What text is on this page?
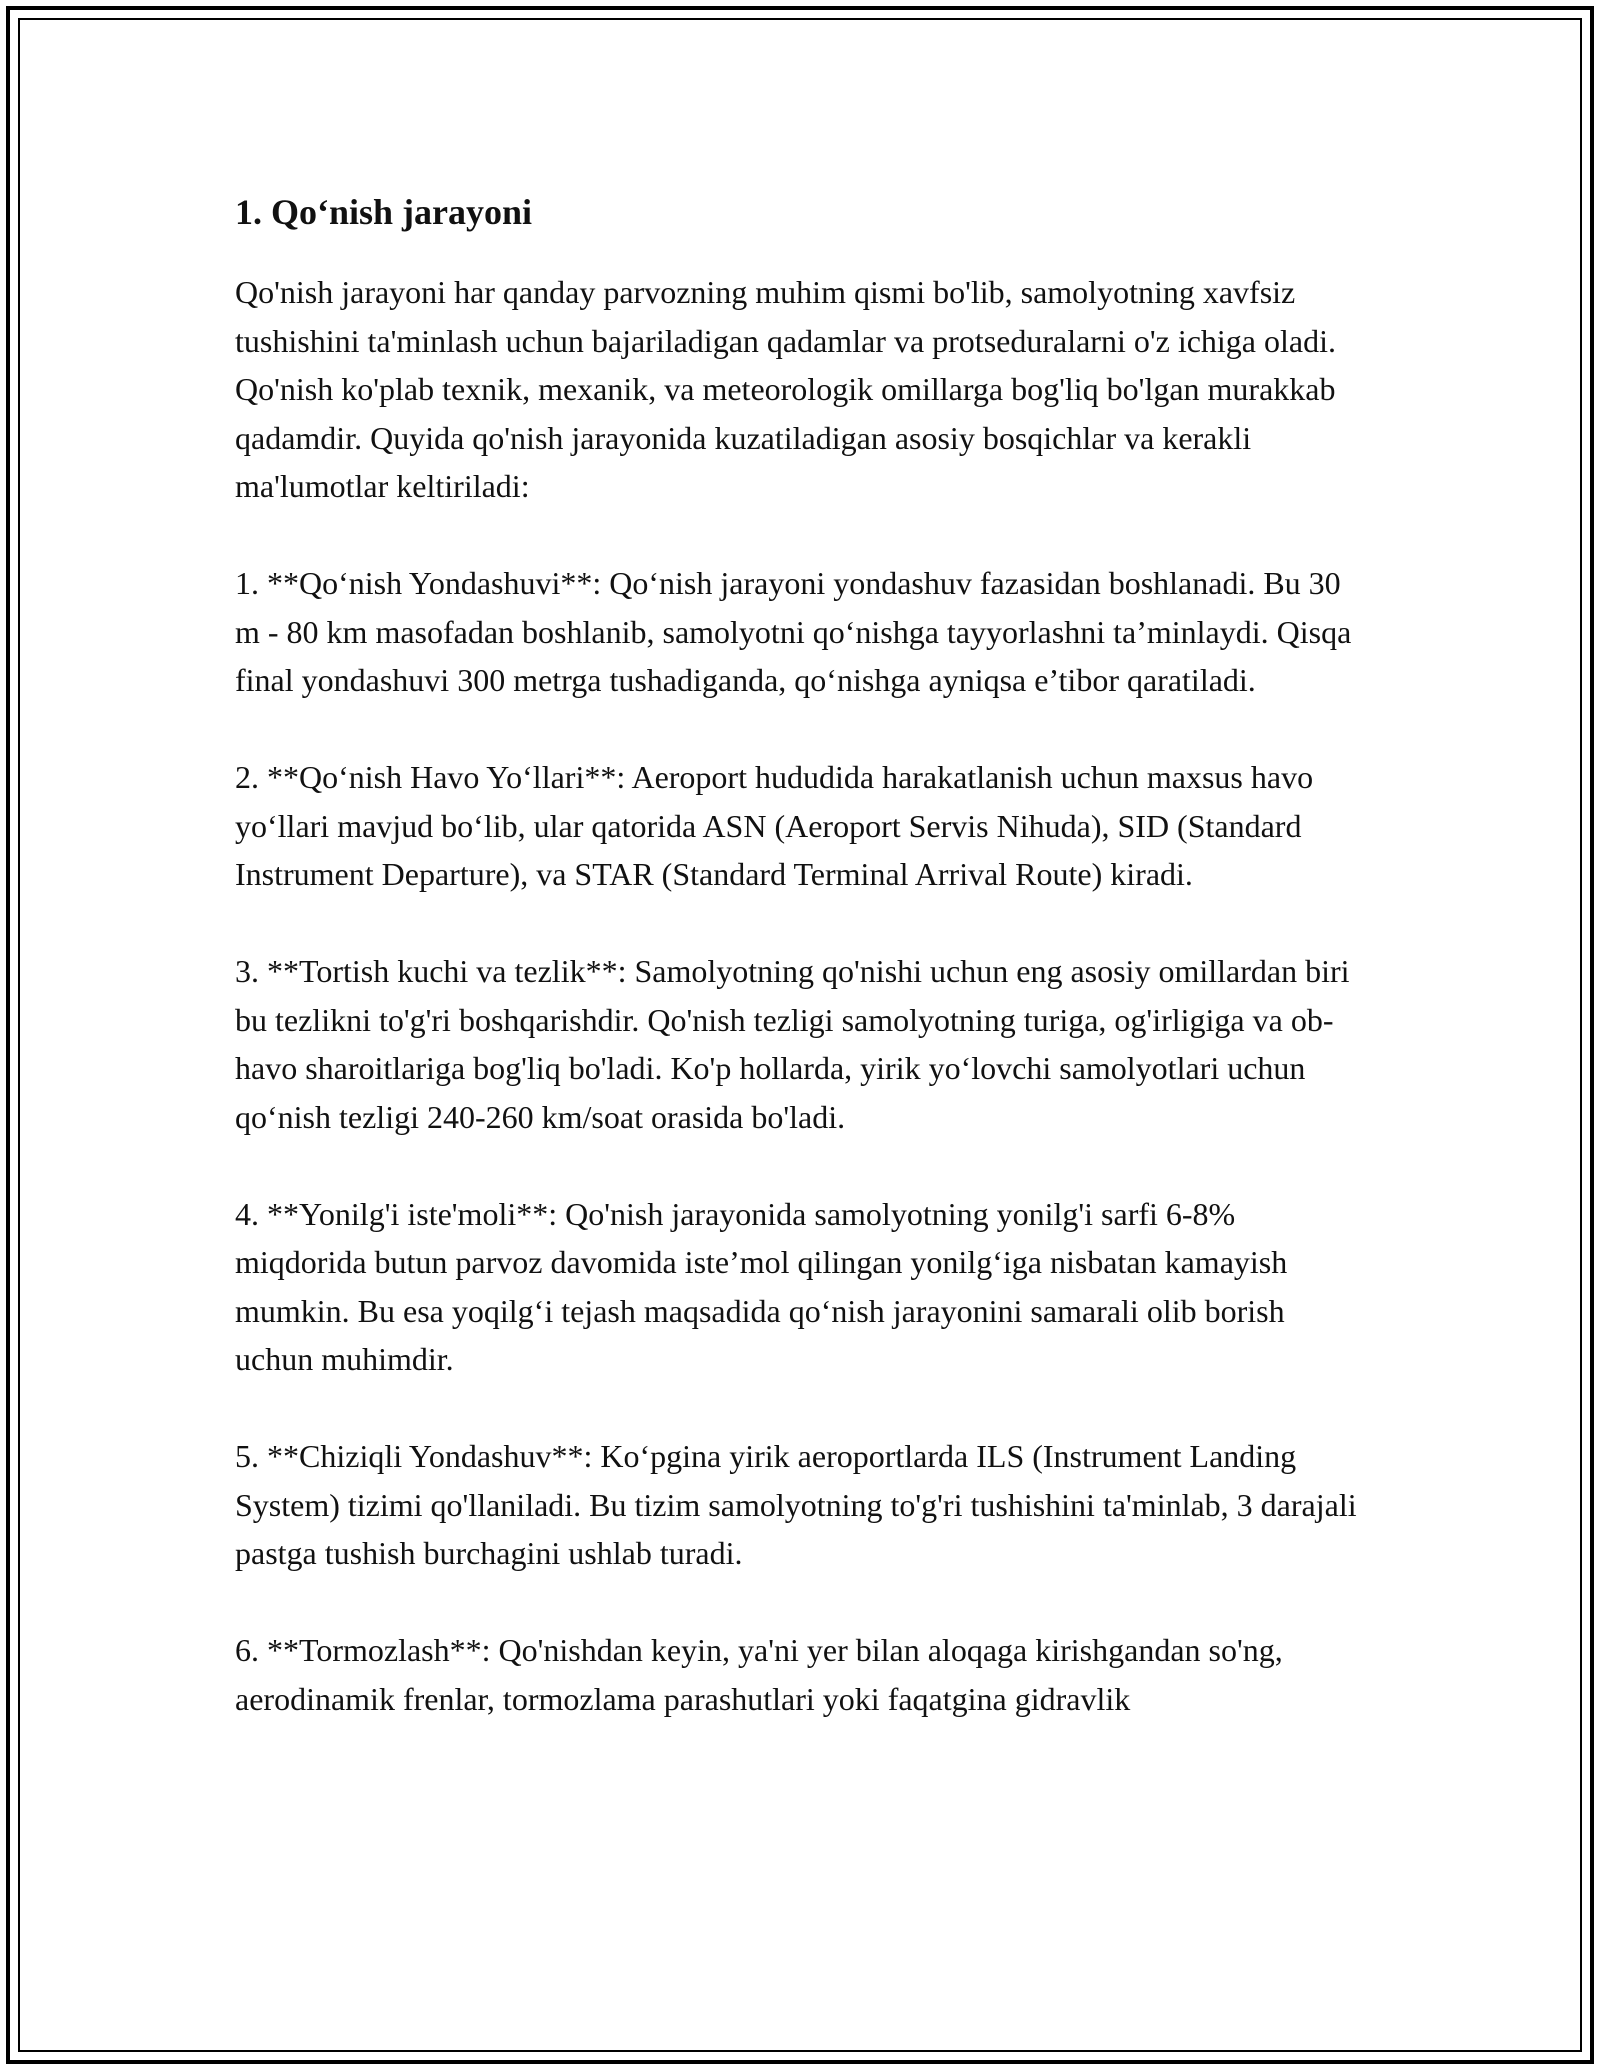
1. Qo‘nish jarayoni

Qo'nish jarayoni har qanday parvozning muhim qismi bo'lib, samolyotning xavfsiz tushishini ta'minlash uchun bajariladigan qadamlar va protseduralarni o'z ichiga oladi. Qo'nish ko'plab texnik, mexanik, va meteorologik omillarga bog'liq bo'lgan murakkab qadamdir. Quyida qo'nish jarayonida kuzatiladigan asosiy bosqichlar va kerakli ma'lumotlar keltiriladi:

1. **Qo‘nish Yondashuvi**: Qo‘nish jarayoni yondashuv fazasidan boshlanadi. Bu 30 m - 80 km masofadan boshlanib, samolyotni qo‘nishga tayyorlashni ta’minlaydi. Qisqa final yondashuvi 300 metrga tushadiganda, qo‘nishga ayniqsa e’tibor qaratiladi.

2. **Qo‘nish Havo Yo‘llari**: Aeroport hududida harakatlanish uchun maxsus havo yo‘llari mavjud bo‘lib, ular qatorida ASN (Aeroport Servis Nihuda), SID (Standard Instrument Departure), va STAR (Standard Terminal Arrival Route) kiradi.

3. **Tortish kuchi va tezlik**: Samolyotning qo'nishi uchun eng asosiy omillardan biri bu tezlikni to'g'ri boshqarishdir. Qo'nish tezligi samolyotning turiga, og'irligiga va ob-havo sharoitlariga bog'liq bo'ladi. Ko'p hollarda, yirik yo‘lovchi samolyotlari uchun qo‘nish tezligi 240-260 km/soat orasida bo'ladi.

4. **Yonilg'i iste'moli**: Qo'nish jarayonida samolyotning yonilg'i sarfi 6-8% miqdorida butun parvoz davomida iste’mol qilingan yonilg‘iga nisbatan kamayish mumkin. Bu esa yoqilg‘i tejash maqsadida qo‘nish jarayonini samarali olib borish uchun muhimdir.

5. **Chiziqli Yondashuv**: Ko‘pgina yirik aeroportlarda ILS (Instrument Landing System) tizimi qo'llaniladi. Bu tizim samolyotning to'g'ri tushishini ta'minlab, 3 darajali pastga tushish burchagini ushlab turadi.

6. **Tormozlash**: Qo'nishdan keyin, ya'ni yer bilan aloqaga kirishgandan so'ng, aerodinamik frenlar, tormozlama parashutlari yoki faqatgina gidravlik
